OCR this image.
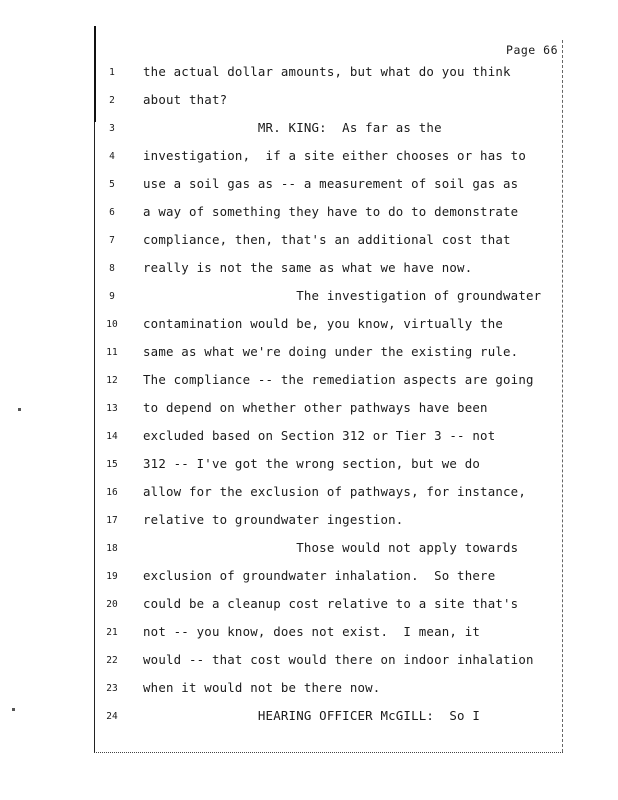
Page 66
1	the actual dollar amounts, but what do you think
2	about that?
3	MR. KING:  As far as the
4	investigation,  if a site either chooses or has to
5	use a soil gas as -- a measurement of soil gas as
6	a way of something they have to do to demonstrate
7	compliance, then, that's an additional cost that
8	really is not the same as what we have now.
9	The investigation of groundwater
10	contamination would be, you know, virtually the
11	same as what we're doing under the existing rule.
12	The compliance -- the remediation aspects are going
13	to depend on whether other pathways have been
14	excluded based on Section 312 or Tier 3 -- not
15	312 -- I've got the wrong section, but we do
16	allow for the exclusion of pathways, for instance,
17	relative to groundwater ingestion.
18	Those would not apply towards
19	exclusion of groundwater inhalation.  So there
20	could be a cleanup cost relative to a site that's
21	not -- you know, does not exist.  I mean, it
22	would -- that cost would there on indoor inhalation
23	when it would not be there now.
24	HEARING OFFICER McGILL:  So I
